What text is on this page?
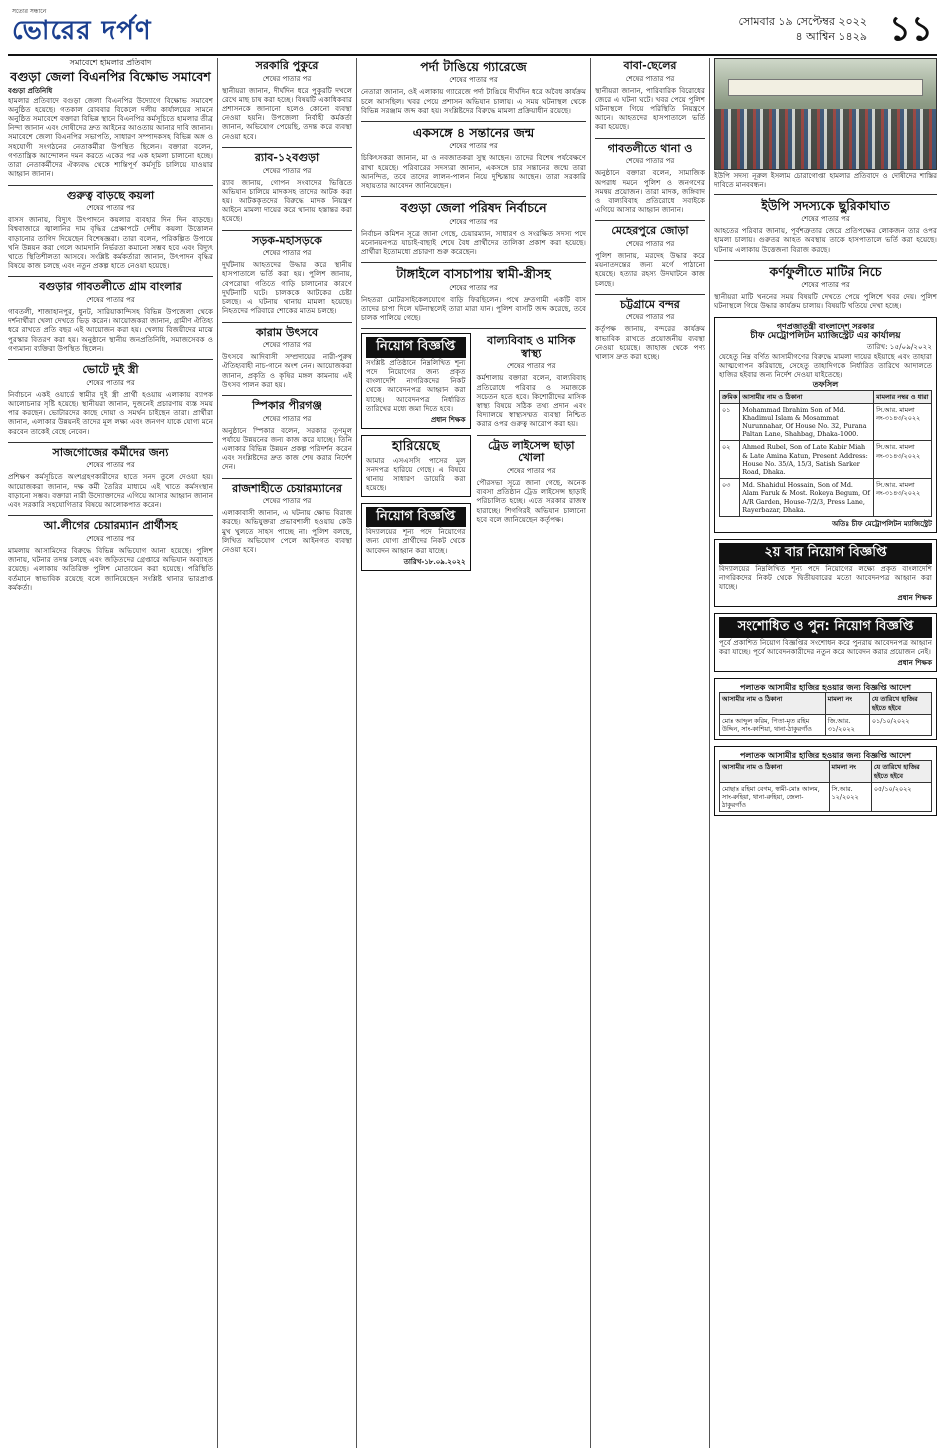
সত্যের সন্ধানে
ভোরের দর্পণ	সোমবার ১৯ সেপ্টেম্বর ২০২২
৪ আশ্বিন ১৪২৯ ১১
সমাবেশে হামলার প্রতিবাদ
বগুড়া জেলা বিএনপির বিক্ষোভ সমাবেশ
বগুড়া প্রতিনিধি
হামলার প্রতিবাদে বগুড়া জেলা বিএনপির উদ্যোগে বিক্ষোভ সমাবেশ অনুষ্ঠিত হয়েছে। গতকাল রোববার বিকেলে দলীয় কার্যালয়ের সামনে অনুষ্ঠিত সমাবেশে বক্তারা বিভিন্ন স্থানে বিএনপির কর্মসূচিতে হামলার তীব্র নিন্দা জানান এবং দোষীদের দ্রুত আইনের আওতায় আনার দাবি জানান। সমাবেশে জেলা বিএনপির সভাপতি, সাধারণ সম্পাদকসহ বিভিন্ন অঙ্গ ও সহযোগী সংগঠনের নেতাকর্মীরা উপস্থিত ছিলেন। বক্তারা বলেন, গণতান্ত্রিক আন্দোলন দমন করতে একের পর এক হামলা চালানো হচ্ছে। তারা নেতাকর্মীদের ঐক্যবদ্ধ থেকে শান্তিপূর্ণ কর্মসূচি চালিয়ে যাওয়ার আহ্বান জানান।
গুরুত্ব বাড়ছে কয়লা
শেষের পাতার পর
বাসস জানায়, বিদ্যুৎ উৎপাদনে কয়লার ব্যবহার দিন দিন বাড়ছে। বিশ্ববাজারে জ্বালানির দাম বৃদ্ধির প্রেক্ষাপটে দেশীয় কয়লা উত্তোলন বাড়ানোর তাগিদ দিয়েছেন বিশেষজ্ঞরা। তারা বলেন, পরিকল্পিত উপায়ে খনি উন্নয়ন করা গেলে আমদানি নির্ভরতা কমানো সম্ভব হবে এবং বিদ্যুৎ খাতে স্থিতিশীলতা আসবে। সংশ্লিষ্ট কর্মকর্তারা জানান, উৎপাদন বৃদ্ধির বিষয়ে কাজ চলছে এবং নতুন প্রকল্প হাতে নেওয়া হয়েছে।
বগুড়ার গাবতলীতে গ্রাম বাংলার
শেষের পাতার পর
গাবতলী, শাজাহানপুর, ধুনট, সারিয়াকান্দিসহ বিভিন্ন উপজেলা থেকে দর্শনার্থীরা খেলা দেখতে ভিড় করেন। আয়োজকরা জানান, গ্রামীণ ঐতিহ্য ধরে রাখতে প্রতি বছর এই আয়োজন করা হয়। খেলায় বিজয়ীদের মাঝে পুরস্কার বিতরণ করা হয়। অনুষ্ঠানে স্থানীয় জনপ্রতিনিধি, সমাজসেবক ও গণ্যমান্য ব্যক্তিরা উপস্থিত ছিলেন।
ভোটে দুই স্ত্রী
শেষের পাতার পর
নির্বাচনে একই ওয়ার্ডে স্বামীর দুই স্ত্রী প্রার্থী হওয়ায় এলাকায় ব্যাপক আলোচনার সৃষ্টি হয়েছে। স্থানীয়রা জানান, দুজনেই প্রচারণায় ব্যস্ত সময় পার করছেন। ভোটারদের কাছে দোয়া ও সমর্থন চাইছেন তারা। প্রার্থীরা জানান, এলাকার উন্নয়নই তাদের মূল লক্ষ্য এবং জনগণ যাকে যোগ্য মনে করবেন তাকেই বেছে নেবেন।
সাজগোজের কর্মীদের জন্য
শেষের পাতার পর
প্রশিক্ষণ কর্মসূচিতে অংশগ্রহণকারীদের হাতে সনদ তুলে দেওয়া হয়। আয়োজকরা জানান, দক্ষ কর্মী তৈরির মাধ্যমে এই খাতে কর্মসংস্থান বাড়ানো সম্ভব। বক্তারা নারী উদ্যোক্তাদের এগিয়ে আসার আহ্বান জানান এবং সরকারি সহযোগিতার বিষয়ে আলোকপাত করেন।
আ.লীগের চেয়ারম্যান প্রার্থীসহ
শেষের পাতার পর
মামলায় আসামিদের বিরুদ্ধে বিভিন্ন অভিযোগ আনা হয়েছে। পুলিশ জানায়, ঘটনার তদন্ত চলছে এবং জড়িতদের গ্রেপ্তারে অভিযান অব্যাহত রয়েছে। এলাকায় অতিরিক্ত পুলিশ মোতায়েন করা হয়েছে। পরিস্থিতি বর্তমানে স্বাভাবিক রয়েছে বলে জানিয়েছেন সংশ্লিষ্ট থানার ভারপ্রাপ্ত কর্মকর্তা।
সরকারি পুকুরে
শেষের পাতার পর
স্থানীয়রা জানান, দীর্ঘদিন ধরে পুকুরটি দখলে রেখে মাছ চাষ করা হচ্ছে। বিষয়টি একাধিকবার প্রশাসনকে জানানো হলেও কোনো ব্যবস্থা নেওয়া হয়নি। উপজেলা নির্বাহী কর্মকর্তা জানান, অভিযোগ পেয়েছি, তদন্ত করে ব্যবস্থা নেওয়া হবে।
র‍্যাব-১২বগুড়া
শেষের পাতার পর
র‍্যাব জানায়, গোপন সংবাদের ভিত্তিতে অভিযান চালিয়ে মাদকসহ তাদের আটক করা হয়। আটককৃতদের বিরুদ্ধে মাদক নিয়ন্ত্রণ আইনে মামলা দায়ের করে থানায় হস্তান্তর করা হয়েছে।
সড়ক-মহাসড়কে
শেষের পাতার পর
দুর্ঘটনায় আহতদের উদ্ধার করে স্থানীয় হাসপাতালে ভর্তি করা হয়। পুলিশ জানায়, বেপরোয়া গতিতে গাড়ি চালানোর কারণে দুর্ঘটনাটি ঘটে। চালককে আটকের চেষ্টা চলছে। এ ঘটনায় থানায় মামলা হয়েছে। নিহতদের পরিবারে শোকের মাতম চলছে।
কারাম উৎসবে
শেষের পাতার পর
উৎসবে আদিবাসী সম্প্রদায়ের নারী-পুরুষ ঐতিহ্যবাহী নাচ-গানে অংশ নেন। আয়োজকরা জানান, প্রকৃতি ও কৃষির মঙ্গল কামনায় এই উৎসব পালন করা হয়।
স্পিকার পীরগঞ্জ
শেষের পাতার পর
অনুষ্ঠানে স্পিকার বলেন, সরকার তৃণমূল পর্যায়ে উন্নয়নের জন্য কাজ করে যাচ্ছে। তিনি এলাকার বিভিন্ন উন্নয়ন প্রকল্প পরিদর্শন করেন এবং সংশ্লিষ্টদের দ্রুত কাজ শেষ করার নির্দেশ দেন।
রাজশাহীতে চেয়ারম্যানের
শেষের পাতার পর
এলাকাবাসী জানান, এ ঘটনায় ক্ষোভ বিরাজ করছে। অভিযুক্তরা প্রভাবশালী হওয়ায় কেউ মুখ খুলতে সাহস পাচ্ছে না। পুলিশ বলছে, লিখিত অভিযোগ পেলে আইনগত ব্যবস্থা নেওয়া হবে।
পর্দা টাঙিয়ে গ্যারেজে
শেষের পাতার পর
নেতারা জানান, ওই এলাকায় গ্যারেজে পর্দা টাঙিয়ে দীর্ঘদিন ধরে অবৈধ কার্যক্রম চলে আসছিল। খবর পেয়ে প্রশাসন অভিযান চালায়। এ সময় ঘটনাস্থল থেকে বিভিন্ন সরঞ্জাম জব্দ করা হয়। সংশ্লিষ্টদের বিরুদ্ধে মামলা প্রক্রিয়াধীন রয়েছে।
একসঙ্গে ৪ সন্তানের জন্ম
শেষের পাতার পর
চিকিৎসকরা জানান, মা ও নবজাতকরা সুস্থ আছেন। তাদের বিশেষ পর্যবেক্ষণে রাখা হয়েছে। পরিবারের সদস্যরা জানান, একসঙ্গে চার সন্তানের জন্মে তারা আনন্দিত, তবে তাদের লালন-পালন নিয়ে দুশ্চিন্তায় আছেন। তারা সরকারি সহায়তার আবেদন জানিয়েছেন।
বগুড়া জেলা পরিষদ নির্বাচনে
শেষের পাতার পর
নির্বাচন কমিশন সূত্রে জানা গেছে, চেয়ারম্যান, সাধারণ ও সংরক্ষিত সদস্য পদে মনোনয়নপত্র যাচাই-বাছাই শেষে বৈধ প্রার্থীদের তালিকা প্রকাশ করা হয়েছে। প্রার্থীরা ইতোমধ্যে প্রচারণা শুরু করেছেন।
টাঙ্গাইলে বাসচাপায় স্বামী-স্ত্রীসহ
শেষের পাতার পর
নিহতরা মোটরসাইকেলযোগে বাড়ি ফিরছিলেন। পথে দ্রুতগামী একটি বাস তাদের চাপা দিলে ঘটনাস্থলেই তারা মারা যান। পুলিশ বাসটি জব্দ করেছে, তবে চালক পালিয়ে গেছে।
নিয়োগ বিজ্ঞপ্তি
সংশ্লিষ্ট প্রতিষ্ঠানে নিম্নলিখিত শূন্য পদে নিয়োগের জন্য প্রকৃত বাংলাদেশি নাগরিকদের নিকট থেকে আবেদনপত্র আহ্বান করা যাচ্ছে। আবেদনপত্র নির্ধারিত তারিখের মধ্যে জমা দিতে হবে।
প্রধান শিক্ষক
হারিয়েছে
আমার এসএসসি পাসের মূল সনদপত্র হারিয়ে গেছে। এ বিষয়ে থানায় সাধারণ ডায়েরি করা হয়েছে।
নিয়োগ বিজ্ঞপ্তি
বিদ্যালয়ের শূন্য পদে নিয়োগের জন্য যোগ্য প্রার্থীদের নিকট থেকে আবেদন আহ্বান করা যাচ্ছে।
তারিখ-১৮.০৯.২০২২
বাল্যবিবাহ ও মাসিক স্বাস্থ্য
শেষের পাতার পর
কর্মশালায় বক্তারা বলেন, বাল্যবিবাহ প্রতিরোধে পরিবার ও সমাজকে সচেতন হতে হবে। কিশোরীদের মাসিক স্বাস্থ্য বিষয়ে সঠিক তথ্য প্রদান এবং বিদ্যালয়ে স্বাস্থ্যসম্মত ব্যবস্থা নিশ্চিত করার ওপর গুরুত্ব আরোপ করা হয়।
ট্রেড লাইসেন্স ছাড়া খোলা
শেষের পাতার পর
পৌরসভা সূত্রে জানা গেছে, অনেক ব্যবসা প্রতিষ্ঠান ট্রেড লাইসেন্স ছাড়াই পরিচালিত হচ্ছে। এতে সরকার রাজস্ব হারাচ্ছে। শিগগিরই অভিযান চালানো হবে বলে জানিয়েছেন কর্তৃপক্ষ।
বাবা-ছেলের
শেষের পাতার পর
স্থানীয়রা জানান, পারিবারিক বিরোধের জেরে এ ঘটনা ঘটে। খবর পেয়ে পুলিশ ঘটনাস্থলে গিয়ে পরিস্থিতি নিয়ন্ত্রণে আনে। আহতদের হাসপাতালে ভর্তি করা হয়েছে।
গাবতলীতে থানা ও
শেষের পাতার পর
অনুষ্ঠানে বক্তারা বলেন, সামাজিক অপরাধ দমনে পুলিশ ও জনগণের সমন্বয় প্রয়োজন। তারা মাদক, জঙ্গিবাদ ও বাল্যবিবাহ প্রতিরোধে সবাইকে এগিয়ে আসার আহ্বান জানান।
মেহেরপুরে জোড়া
শেষের পাতার পর
পুলিশ জানায়, মরদেহ উদ্ধার করে ময়নাতদন্তের জন্য মর্গে পাঠানো হয়েছে। হত্যার রহস্য উদঘাটনে কাজ চলছে।
চট্টগ্রামে বন্দর
শেষের পাতার পর
কর্তৃপক্ষ জানায়, বন্দরের কার্যক্রম স্বাভাবিক রাখতে প্রয়োজনীয় ব্যবস্থা নেওয়া হয়েছে। জাহাজ থেকে পণ্য খালাস দ্রুত করা হচ্ছে।
ইউপি সদস্য নূরুল ইসলাম চোরাগোপ্তা হামলার প্রতিবাদে ও দোষীদের শাস্তির দাবিতে মানববন্ধন।
ইউপি সদস্যকে ছুরিকাঘাত
শেষের পাতার পর
আহতের পরিবার জানায়, পূর্বশত্রুতার জেরে প্রতিপক্ষের লোকজন তার ওপর হামলা চালায়। গুরুতর আহত অবস্থায় তাকে হাসপাতালে ভর্তি করা হয়েছে। ঘটনায় এলাকায় উত্তেজনা বিরাজ করছে।
কর্ণফুলীতে মাটির নিচে
শেষের পাতার পর
স্থানীয়রা মাটি খননের সময় বিষয়টি দেখতে পেয়ে পুলিশে খবর দেয়। পুলিশ ঘটনাস্থলে গিয়ে উদ্ধার কার্যক্রম চালায়। বিষয়টি খতিয়ে দেখা হচ্ছে।
গণপ্রজাতন্ত্রী বাংলাদেশ সরকার
চীফ মেট্রোপলিটন ম্যাজিস্ট্রেট এর কার্যালয়
তারিখ: ১৫/০৯/২০২২
যেহেতু নিম্ন বর্ণিত আসামীগণের বিরুদ্ধে মামলা দায়ের হইয়াছে এবং তাহারা আত্মগোপন করিয়াছে, সেহেতু তাহাদিগকে নির্ধারিত তারিখে আদালতে হাজির হইবার জন্য নির্দেশ দেওয়া যাইতেছে।
তফসিল
ক্রমিক	আসামীর নাম ও ঠিকানা	মামলার নম্বর ও ধারা
০১	Mohammad Ibrahim Son of Md. Khadimul Islam & Mosammat Nurunnahar, Of House No. 32, Purana Paltan Lane, Shahbag, Dhaka-1000.	সি.আর. মামলা নং-৩১৪৩/২০২২
০২	Ahmed Rubel, Son of Late Kabir Miah & Late Amina Katun, Present Address: House No. 35/A, 15/3, Satish Sarker Road, Dhaka.	সি.আর. মামলা নং-৩১৪৩/২০২২
০৩	Md. Shahidul Hossain, Son of Md. Alam Faruk & Most. Rokeya Begum, Of A/R Garden, House-7/2/3, Press Lane, Rayerbazar, Dhaka.	সি.আর. মামলা নং-৩১৪৩/২০২২
অতিঃ চীফ মেট্রোপলিটন ম্যাজিস্ট্রেট
২য় বার নিয়োগ বিজ্ঞপ্তি
বিদ্যালয়ের নিম্নলিখিত শূন্য পদে নিয়োগের লক্ষ্যে প্রকৃত বাংলাদেশি নাগরিকদের নিকট থেকে দ্বিতীয়বারের মতো আবেদনপত্র আহ্বান করা যাচ্ছে।
প্রধান শিক্ষক
সংশোধিত ও পুন: নিয়োগ বিজ্ঞপ্তি
পূর্বে প্রকাশিত নিয়োগ বিজ্ঞপ্তির সংশোধন করে পুনরায় আবেদনপত্র আহ্বান করা যাচ্ছে। পূর্বে আবেদনকারীদের নতুন করে আবেদন করার প্রয়োজন নেই।
প্রধান শিক্ষক
পলাতক আসামীর হাজির হওয়ার জন্য বিজ্ঞপ্তি আদেশ
আসামীর নাম ও ঠিকানা	মামলা নং	যে তারিখে হাজির হইতে হইবে
মোঃ আব্দুল করিম, পিতা-মৃত রহিম উদ্দিন, সাং-কাশিয়া, থানা-ঠাকুরগাঁও	জি.আর. ৩১/২০২২	০১/১০/২০২২
পলাতক আসামীর হাজির হওয়ার জন্য বিজ্ঞপ্তি আদেশ
আসামীর নাম ও ঠিকানা	মামলা নং	যে তারিখে হাজির হইতে হইবে
মোছাঃ রহিমা বেগম, স্বামী-মোঃ আলম, সাং-রুহিয়া, থানা-রুহিয়া, জেলা-ঠাকুরগাঁও	সি.আর. ১২/২০২২	০৫/১০/২০২২
